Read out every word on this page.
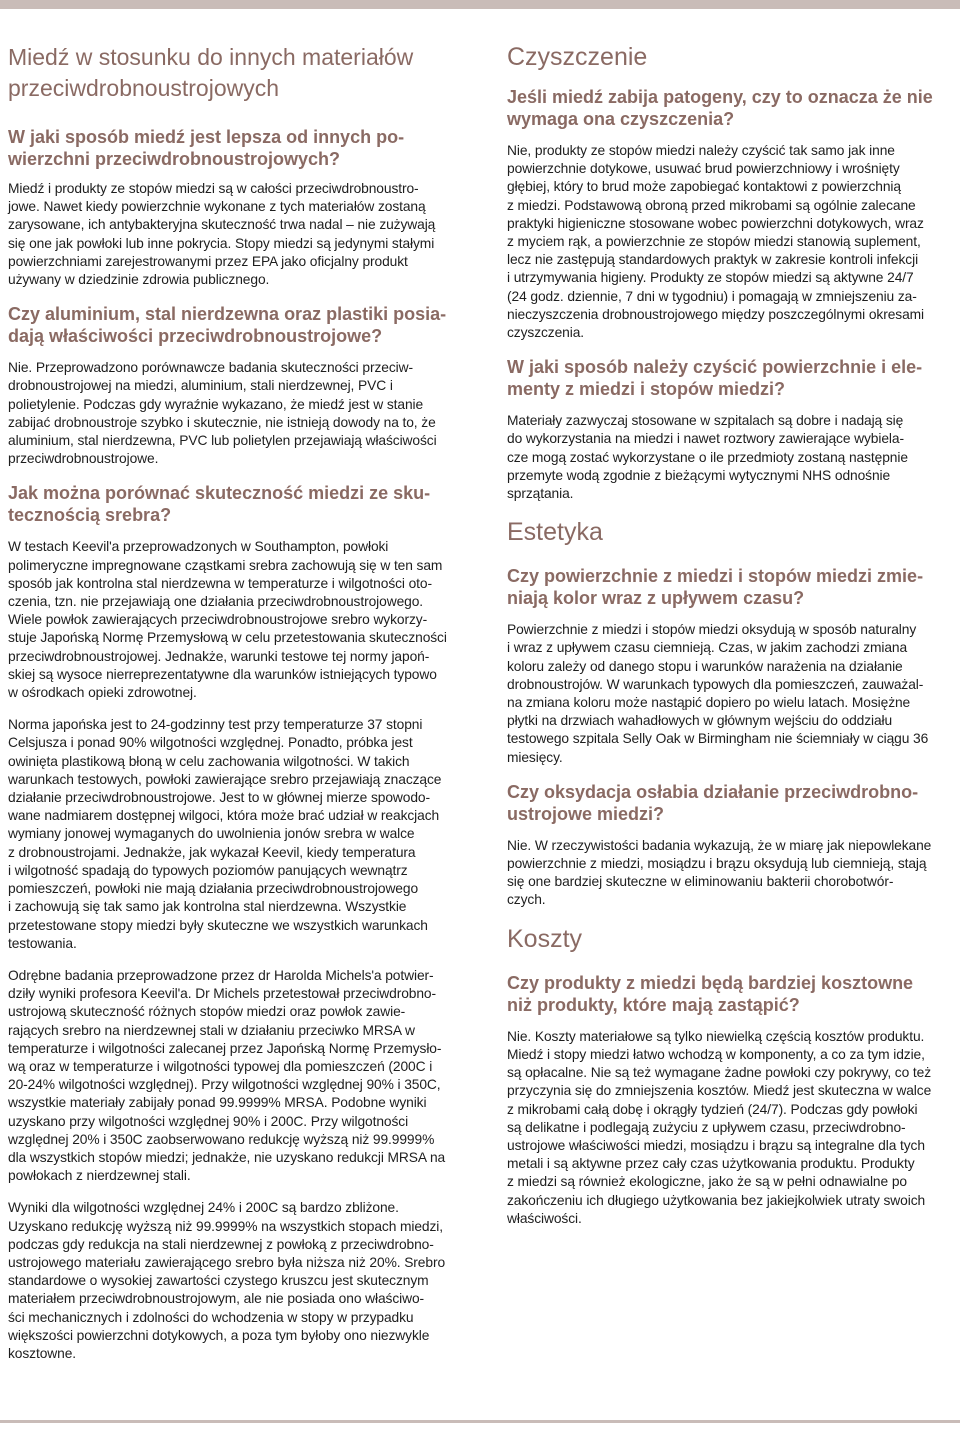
Miedź w stosunku do innych materiałów
przeciwdrobnoustrojowych
W jaki sposób miedź jest lepsza od innych po-
wierzchni przeciwdrobnoustrojowych?

Miedź i produkty ze stopów miedzi są w całości przeciwdrobnoustro-
jowe. Nawet kiedy powierzchnie wykonane z tych materiałów zostaną
zarysowane, ich antybakteryjna skuteczność trwa nadal – nie zużywają
się one jak powłoki lub inne pokrycia. Stopy miedzi są jedynymi stałymi
powierzchniami zarejestrowanymi przez EPA jako oficjalny produkt
używany w dziedzinie zdrowia publicznego.

Czy aluminium, stal nierdzewna oraz plastiki posia-
dają właściwości przeciwdrobnoustrojowe?

Nie. Przeprowadzono porównawcze badania skuteczności przeciw-
drobnoustrojowej na miedzi, aluminium, stali nierdzewnej, PVC i
polietylenie. Podczas gdy wyraźnie wykazano, że miedź jest w stanie
zabijać drobnoustroje szybko i skutecznie, nie istnieją dowody na to, że
aluminium, stal nierdzewna, PVC lub polietylen przejawiają właściwości
przeciwdrobnoustrojowe.

Jak można porównać skuteczność miedzi ze sku-
tecznością srebra?

W testach Keevil'a przeprowadzonych w Southampton, powłoki
polimeryczne impregnowane cząstkami srebra zachowują się w ten sam
sposób jak kontrolna stal nierdzewna w temperaturze i wilgotności oto-
czenia, tzn. nie przejawiają one działania przeciwdrobnoustrojowego.
Wiele powłok zawierających przeciwdrobnoustrojowe srebro wykorzy-
stuje Japońską Normę Przemysłową w celu przetestowania skuteczności
przeciwdrobnoustrojowej. Jednakże, warunki testowe tej normy japoń-
skiej są wysoce nierreprezentatywne dla warunków istniejących typowo
w ośrodkach opieki zdrowotnej.

Norma japońska jest to 24-godzinny test przy temperaturze 37 stopni
Celsjusza i ponad 90% wilgotności względnej. Ponadto, próbka jest
owinięta plastikową błoną w celu zachowania wilgotności. W takich
warunkach testowych, powłoki zawierające srebro przejawiają znaczące
działanie przeciwdrobnoustrojowe. Jest to w głównej mierze spowodo-
wane nadmiarem dostępnej wilgoci, która może brać udział w reakcjach
wymiany jonowej wymaganych do uwolnienia jonów srebra w walce
z drobnoustrojami. Jednakże, jak wykazał Keevil, kiedy temperatura
i wilgotność spadają do typowych poziomów panujących wewnątrz
pomieszczeń, powłoki nie mają działania przeciwdrobnoustrojowego
i zachowują się tak samo jak kontrolna stal nierdzewna. Wszystkie
przetestowane stopy miedzi były skuteczne we wszystkich warunkach
testowania.

Odrębne badania przeprowadzone przez dr Harolda Michels'a potwier-
dziły wyniki profesora Keevil'a. Dr Michels przetestował przeciwdrobno-
ustrojową skuteczność różnych stopów miedzi oraz powłok zawie-
rających srebro na nierdzewnej stali w działaniu przeciwko MRSA w
temperaturze i wilgotności zalecanej przez Japońską Normę Przemysło-
wą oraz w temperaturze i wilgotności typowej dla pomieszczeń (200C i
20-24% wilgotności względnej). Przy wilgotności względnej 90% i 350C,
wszystkie materiały zabijały ponad 99.9999% MRSA. Podobne wyniki
uzyskano przy wilgotności względnej 90% i 200C. Przy wilgotności
względnej 20% i 350C zaobserwowano redukcję wyższą niż 99.9999%
dla wszystkich stopów miedzi; jednakże, nie uzyskano redukcji MRSA na
powłokach z nierdzewnej stali.

Wyniki dla wilgotności względnej 24% i 200C są bardzo zbliżone.
Uzyskano redukcję wyższą niż 99.9999% na wszystkich stopach miedzi,
podczas gdy redukcja na stali nierdzewnej z powłoką z przeciwdrobno-
ustrojowego materiału zawierającego srebro była niższa niż 20%. Srebro
standardowe o wysokiej zawartości czystego kruszcu jest skutecznym
materiałem przeciwdrobnoustrojowym, ale nie posiada ono właściwo-
ści mechanicznych i zdolności do wchodzenia w stopy w przypadku
większości powierzchni dotykowych, a poza tym byłoby ono niezwykle
kosztowne.

Czyszczenie
Jeśli miedź zabija patogeny, czy to oznacza że nie
wymaga ona czyszczenia?

Nie, produkty ze stopów miedzi należy czyścić tak samo jak inne
powierzchnie dotykowe, usuwać brud powierzchniowy i wrośnięty
głębiej, który to brud może zapobiegać kontaktowi z powierzchnią
z miedzi. Podstawową obroną przed mikrobami są ogólnie zalecane
praktyki higieniczne stosowane wobec powierzchni dotykowych, wraz
z myciem rąk, a powierzchnie ze stopów miedzi stanowią suplement,
lecz nie zastępują standardowych praktyk w zakresie kontroli infekcji
i utrzymywania higieny. Produkty ze stopów miedzi są aktywne 24/7
(24 godz. dziennie, 7 dni w tygodniu) i pomagają w zmniejszeniu za-
nieczyszczenia drobnoustrojowego między poszczególnymi okresami
czyszczenia.

W jaki sposób należy czyścić powierzchnie i ele-
menty z miedzi i stopów miedzi?

Materiały zazwyczaj stosowane w szpitalach są dobre i nadają się
do wykorzystania na miedzi i nawet roztwory zawierające wybiela-
cze mogą zostać wykorzystane o ile przedmioty zostaną następnie
przemyte wodą zgodnie z bieżącymi wytycznymi NHS odnośnie
sprzątania.

Estetyka
Czy powierzchnie z miedzi i stopów miedzi zmie-
niają kolor wraz z upływem czasu?

Powierzchnie z miedzi i stopów miedzi oksydują w sposób naturalny
i wraz z upływem czasu ciemnieją. Czas, w jakim zachodzi zmiana
koloru zależy od danego stopu i warunków narażenia na działanie
drobnoustrojów. W warunkach typowych dla pomieszczeń, zauważal-
na zmiana koloru może nastąpić dopiero po wielu latach. Mosiężne
płytki na drzwiach wahadłowych w głównym wejściu do oddziału
testowego szpitala Selly Oak w Birmingham nie ściemniały w ciągu 36
miesięcy.

Czy oksydacja osłabia działanie przeciwdrobno-
ustrojowe miedzi?

Nie. W rzeczywistości badania wykazują, że w miarę jak niepowlekane
powierzchnie z miedzi, mosiądzu i brązu oksydują lub ciemnieją, stają
się one bardziej skuteczne w eliminowaniu bakterii chorobotwór-
czych.

Koszty
Czy produkty z miedzi będą bardziej kosztowne
niż produkty, które mają zastąpić?

Nie. Koszty materiałowe są tylko niewielką częścią kosztów produktu.
Miedź i stopy miedzi łatwo wchodzą w komponenty, a co za tym idzie,
są opłacalne. Nie są też wymagane żadne powłoki czy pokrywy, co też
przyczynia się do zmniejszenia kosztów. Miedź jest skuteczna w walce
z mikrobami całą dobę i okrągły tydzień (24/7). Podczas gdy powłoki
są delikatne i podlegają zużyciu z upływem czasu, przeciwdrobno-
ustrojowe właściwości miedzi, mosiądzu i brązu są integralne dla tych
metali i są aktywne przez cały czas użytkowania produktu. Produkty
z miedzi są również ekologiczne, jako że są w pełni odnawialne po
zakończeniu ich długiego użytkowania bez jakiejkolwiek utraty swoich
właściwości.
